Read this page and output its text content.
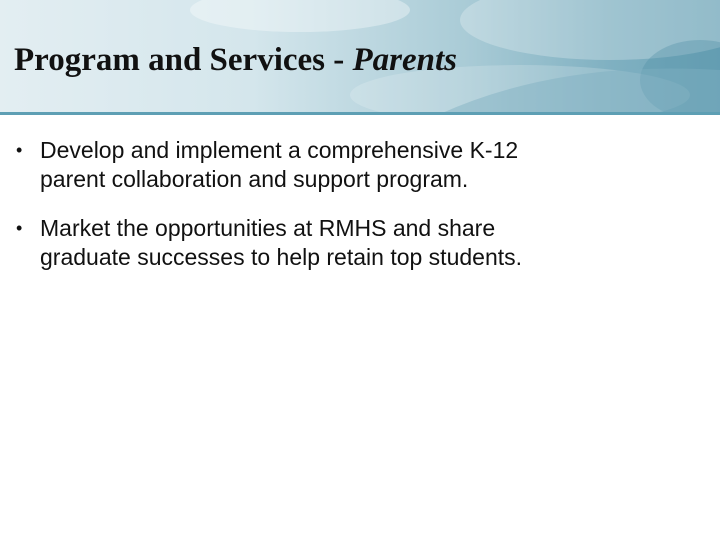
Program and Services - Parents
• Develop and implement a comprehensive K-12
parent collaboration and support program.
• Market the opportunities at RMHS and share
graduate successes to help retain top students.
